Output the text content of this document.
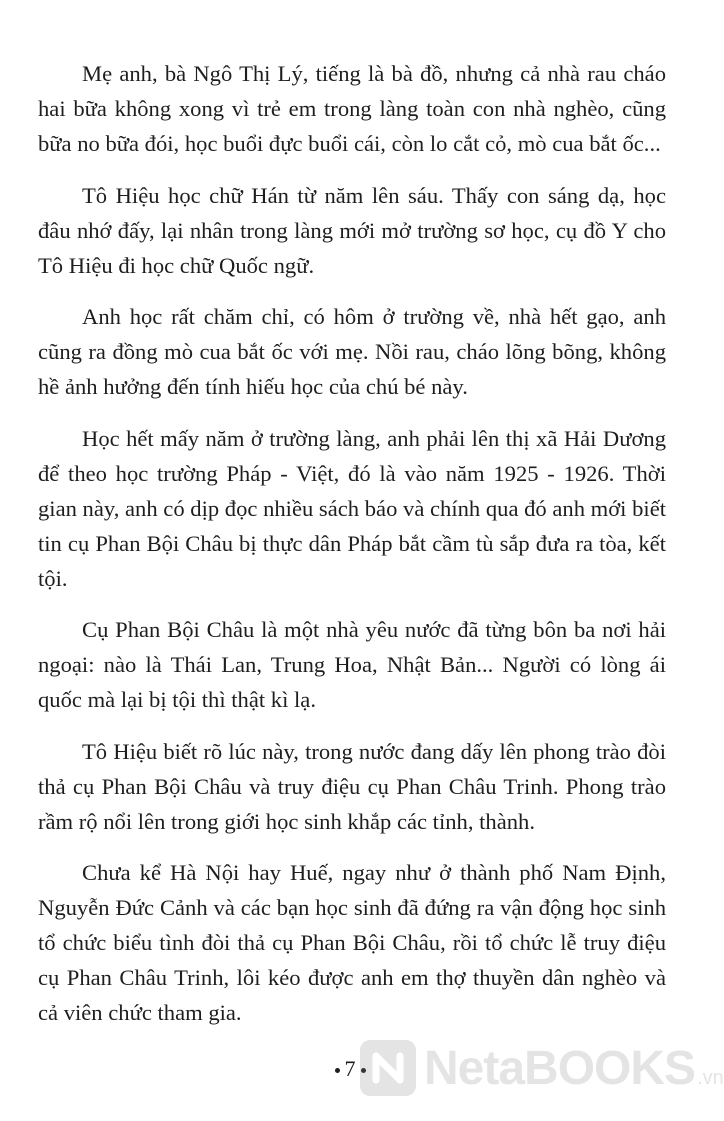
Mẹ anh, bà Ngô Thị Lý, tiếng là bà đồ, nhưng cả nhà rau cháo hai bữa không xong vì trẻ em trong làng toàn con nhà nghèo, cũng bữa no bữa đói, học buổi đực buổi cái, còn lo cắt cỏ, mò cua bắt ốc...

Tô Hiệu học chữ Hán từ năm lên sáu. Thấy con sáng dạ, học đâu nhớ đấy, lại nhân trong làng mới mở trường sơ học, cụ đồ Y cho Tô Hiệu đi học chữ Quốc ngữ.

Anh học rất chăm chỉ, có hôm ở trường về, nhà hết gạo, anh cũng ra đồng mò cua bắt ốc với mẹ. Nồi rau, cháo lõng bõng, không hề ảnh hưởng đến tính hiếu học của chú bé này.

Học hết mấy năm ở trường làng, anh phải lên thị xã Hải Dương để theo học trường Pháp - Việt, đó là vào năm 1925 - 1926. Thời gian này, anh có dịp đọc nhiều sách báo và chính qua đó anh mới biết tin cụ Phan Bội Châu bị thực dân Pháp bắt cầm tù sắp đưa ra tòa, kết tội.

Cụ Phan Bội Châu là một nhà yêu nước đã từng bôn ba nơi hải ngoại: nào là Thái Lan, Trung Hoa, Nhật Bản... Người có lòng ái quốc mà lại bị tội thì thật kì lạ.

Tô Hiệu biết rõ lúc này, trong nước đang dấy lên phong trào đòi thả cụ Phan Bội Châu và truy điệu cụ Phan Châu Trinh. Phong trào rầm rộ nổi lên trong giới học sinh khắp các tỉnh, thành.

Chưa kể Hà Nội hay Huế, ngay như ở thành phố Nam Định, Nguyễn Đức Cảnh và các bạn học sinh đã đứng ra vận động học sinh tổ chức biểu tình đòi thả cụ Phan Bội Châu, rồi tổ chức lễ truy điệu cụ Phan Châu Trinh, lôi kéo được anh em thợ thuyền dân nghèo và cả viên chức tham gia.

7	NetaBOOKS .vn
